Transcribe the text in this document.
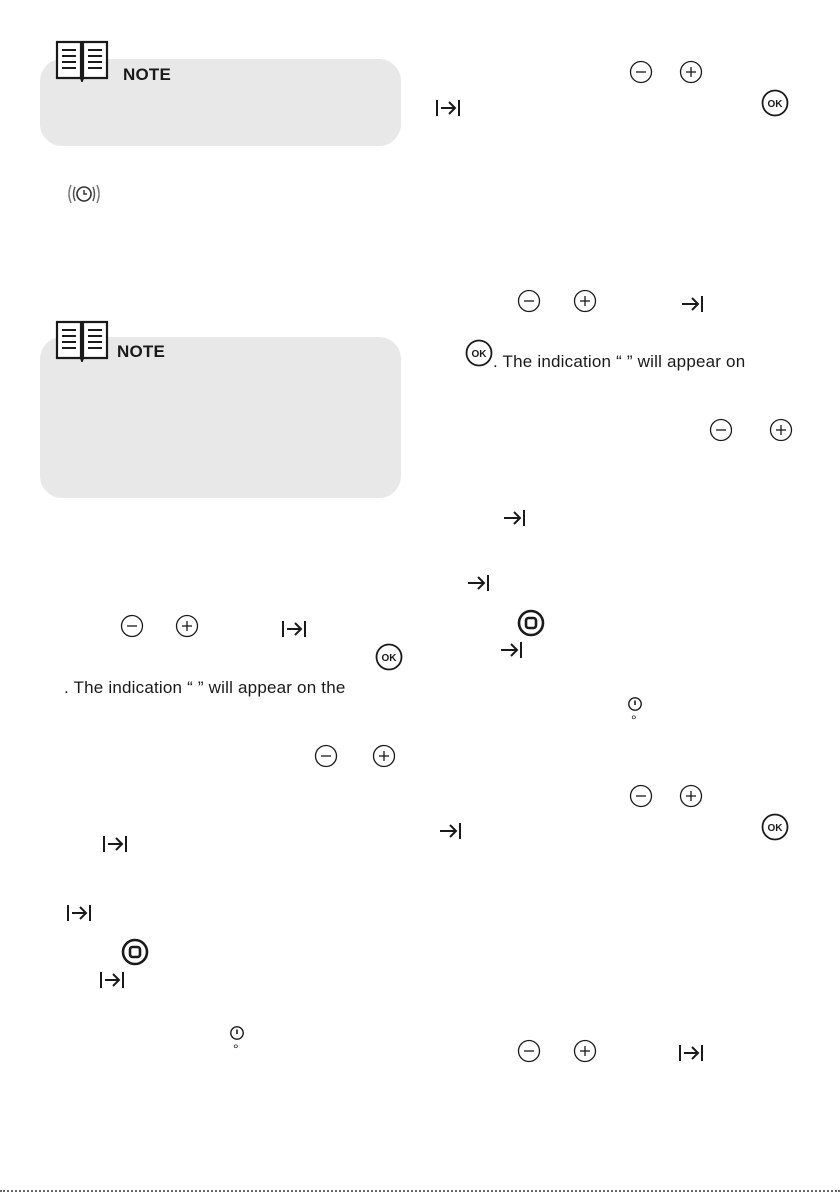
NOTE
NOTE
. The indication “ ” will appear on the
°
. The indication “ ” will appear on
°
